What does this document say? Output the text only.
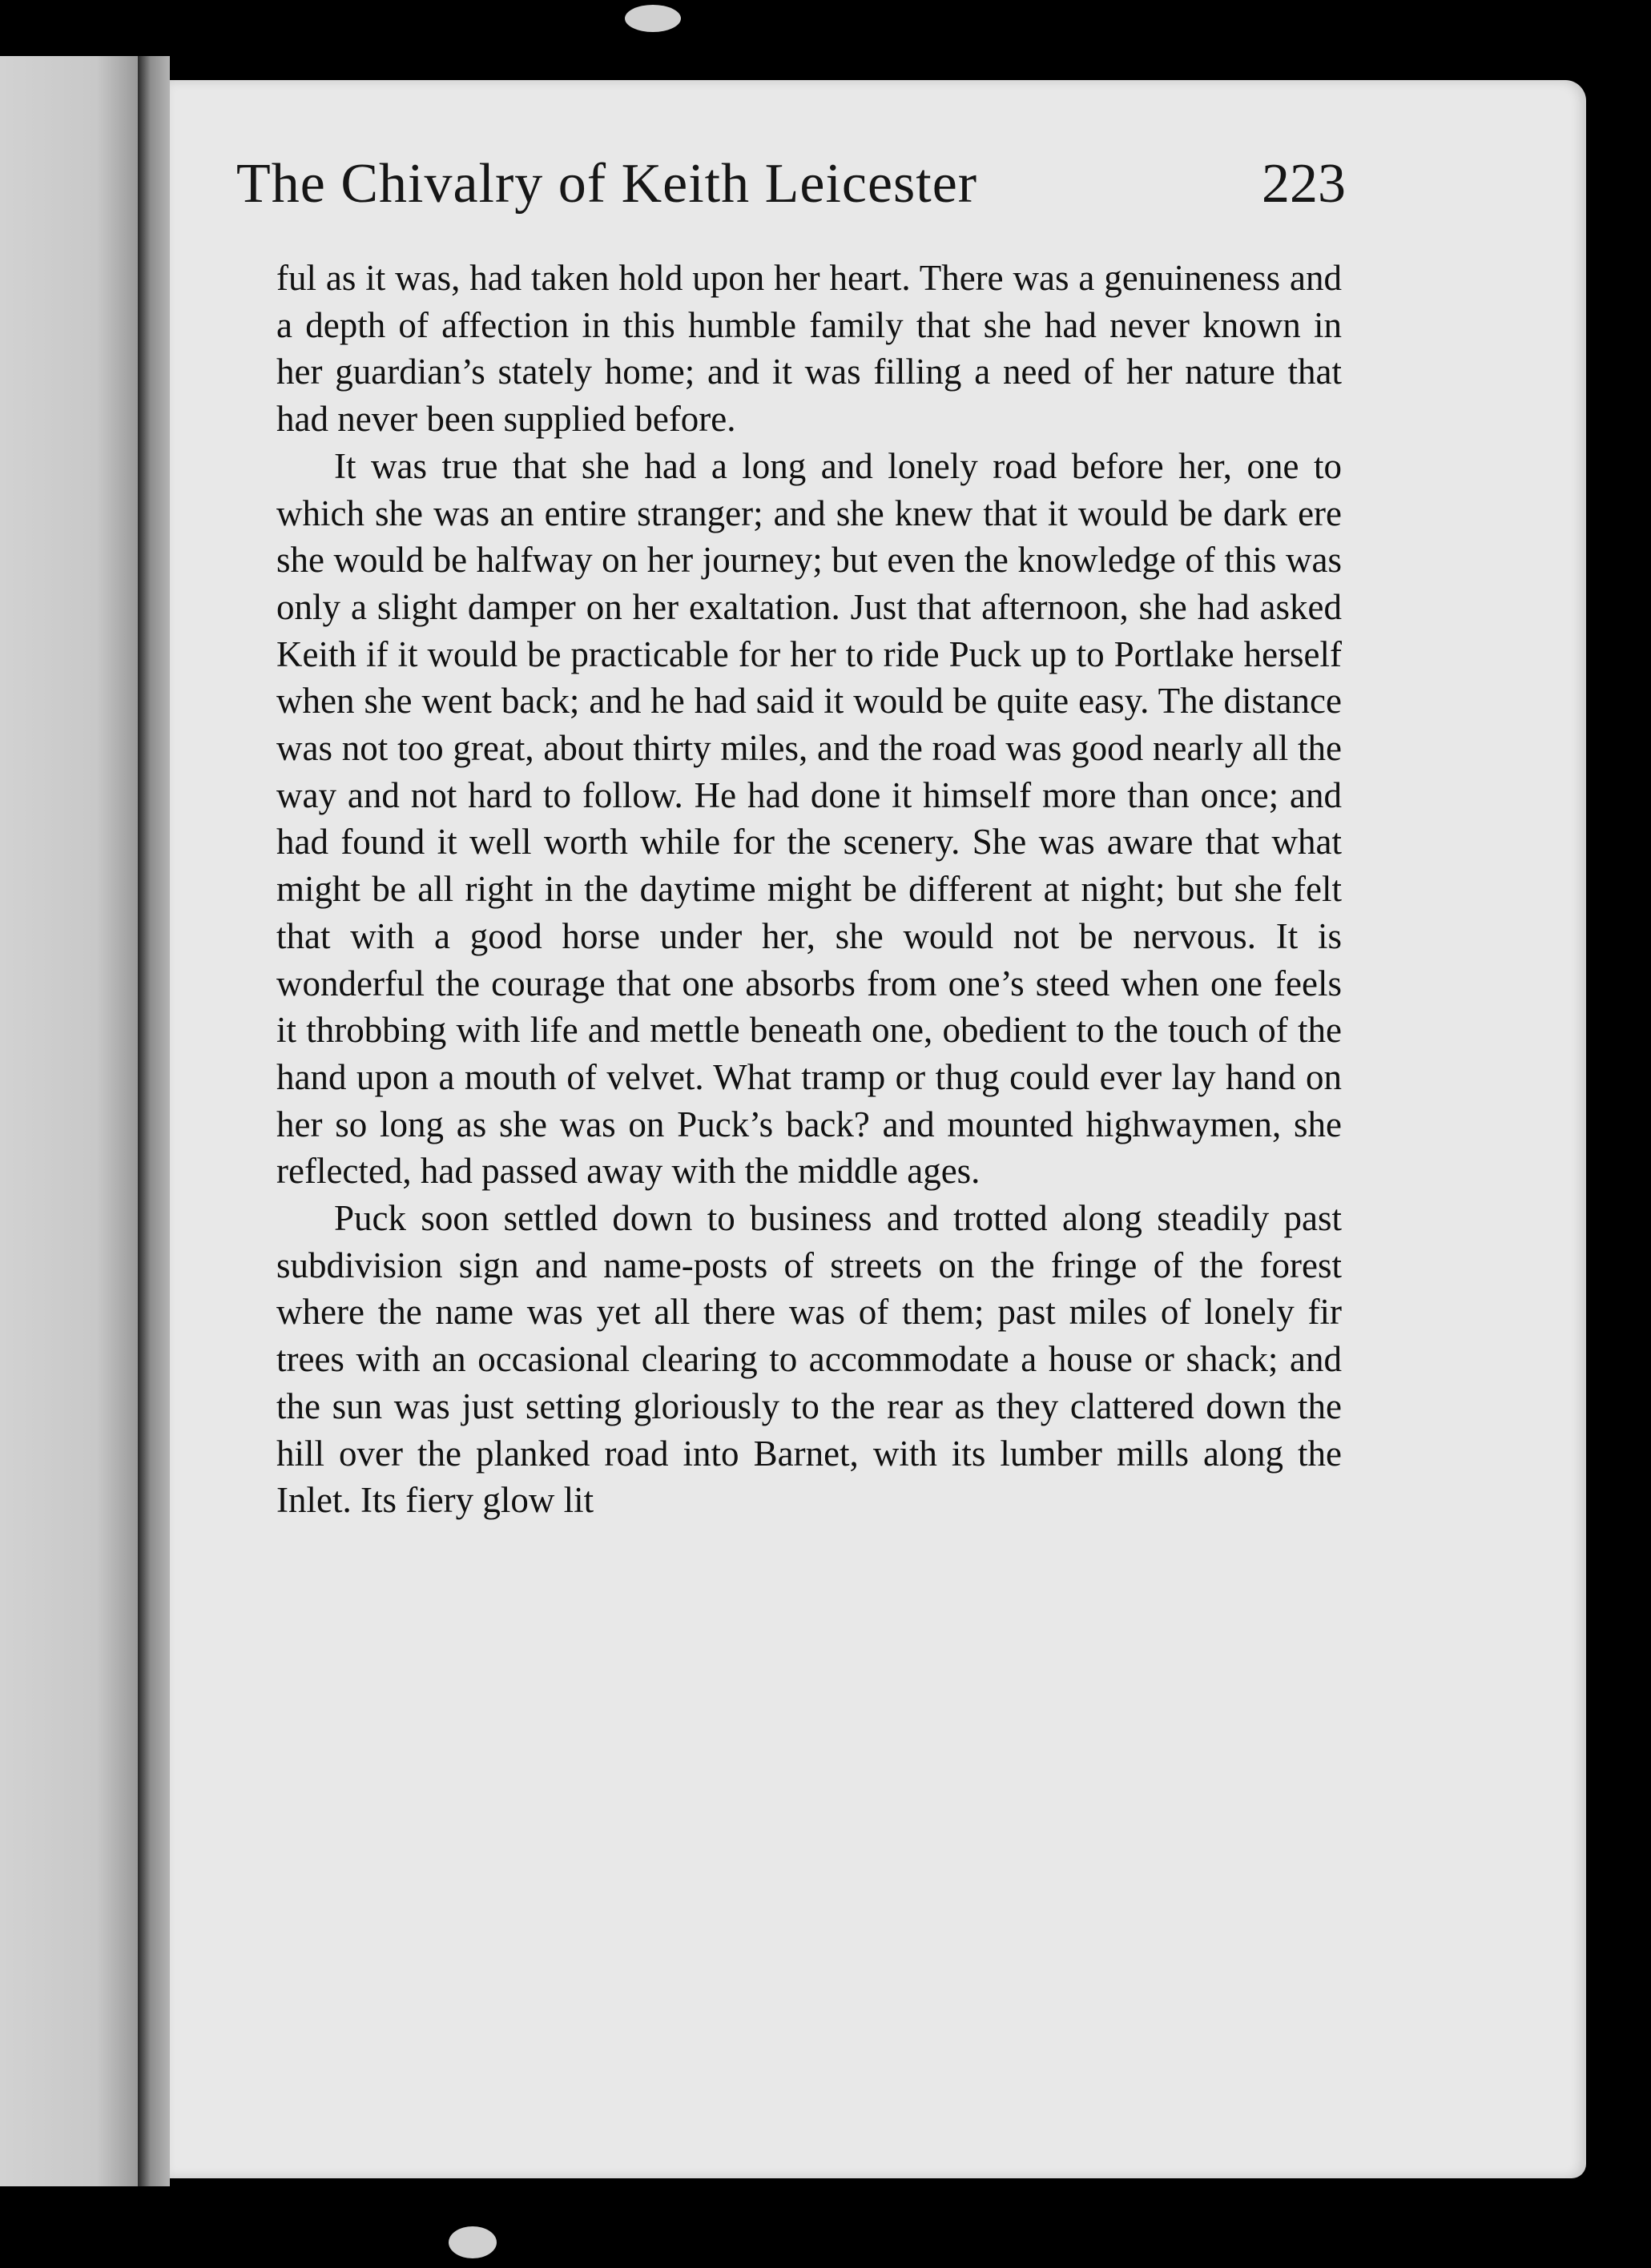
The Chivalry of Keith Leicester	223

ful as it was, had taken hold upon her heart. There was a genuineness and a depth of affection in this humble family that she had never known in her guardian’s stately home; and it was filling a need of her nature that had never been supplied before.

It was true that she had a long and lonely road before her, one to which she was an entire stranger; and she knew that it would be dark ere she would be halfway on her journey; but even the knowledge of this was only a slight damper on her exaltation. Just that afternoon, she had asked Keith if it would be practicable for her to ride Puck up to Portlake herself when she went back; and he had said it would be quite easy. The distance was not too great, about thirty miles, and the road was good nearly all the way and not hard to follow. He had done it himself more than once; and had found it well worth while for the scenery. She was aware that what might be all right in the daytime might be different at night; but she felt that with a good horse under her, she would not be nervous. It is wonderful the courage that one absorbs from one’s steed when one feels it throbbing with life and mettle beneath one, obedient to the touch of the hand upon a mouth of velvet. What tramp or thug could ever lay hand on her so long as she was on Puck’s back? and mounted highwaymen, she reflected, had passed away with the middle ages.

Puck soon settled down to business and trotted along steadily past subdivision sign and name-posts of streets on the fringe of the forest where the name was yet all there was of them; past miles of lonely fir trees with an occasional clearing to accommodate a house or shack; and the sun was just setting gloriously to the rear as they clattered down the hill over the planked road into Barnet, with its lumber mills along the Inlet. Its fiery glow lit
